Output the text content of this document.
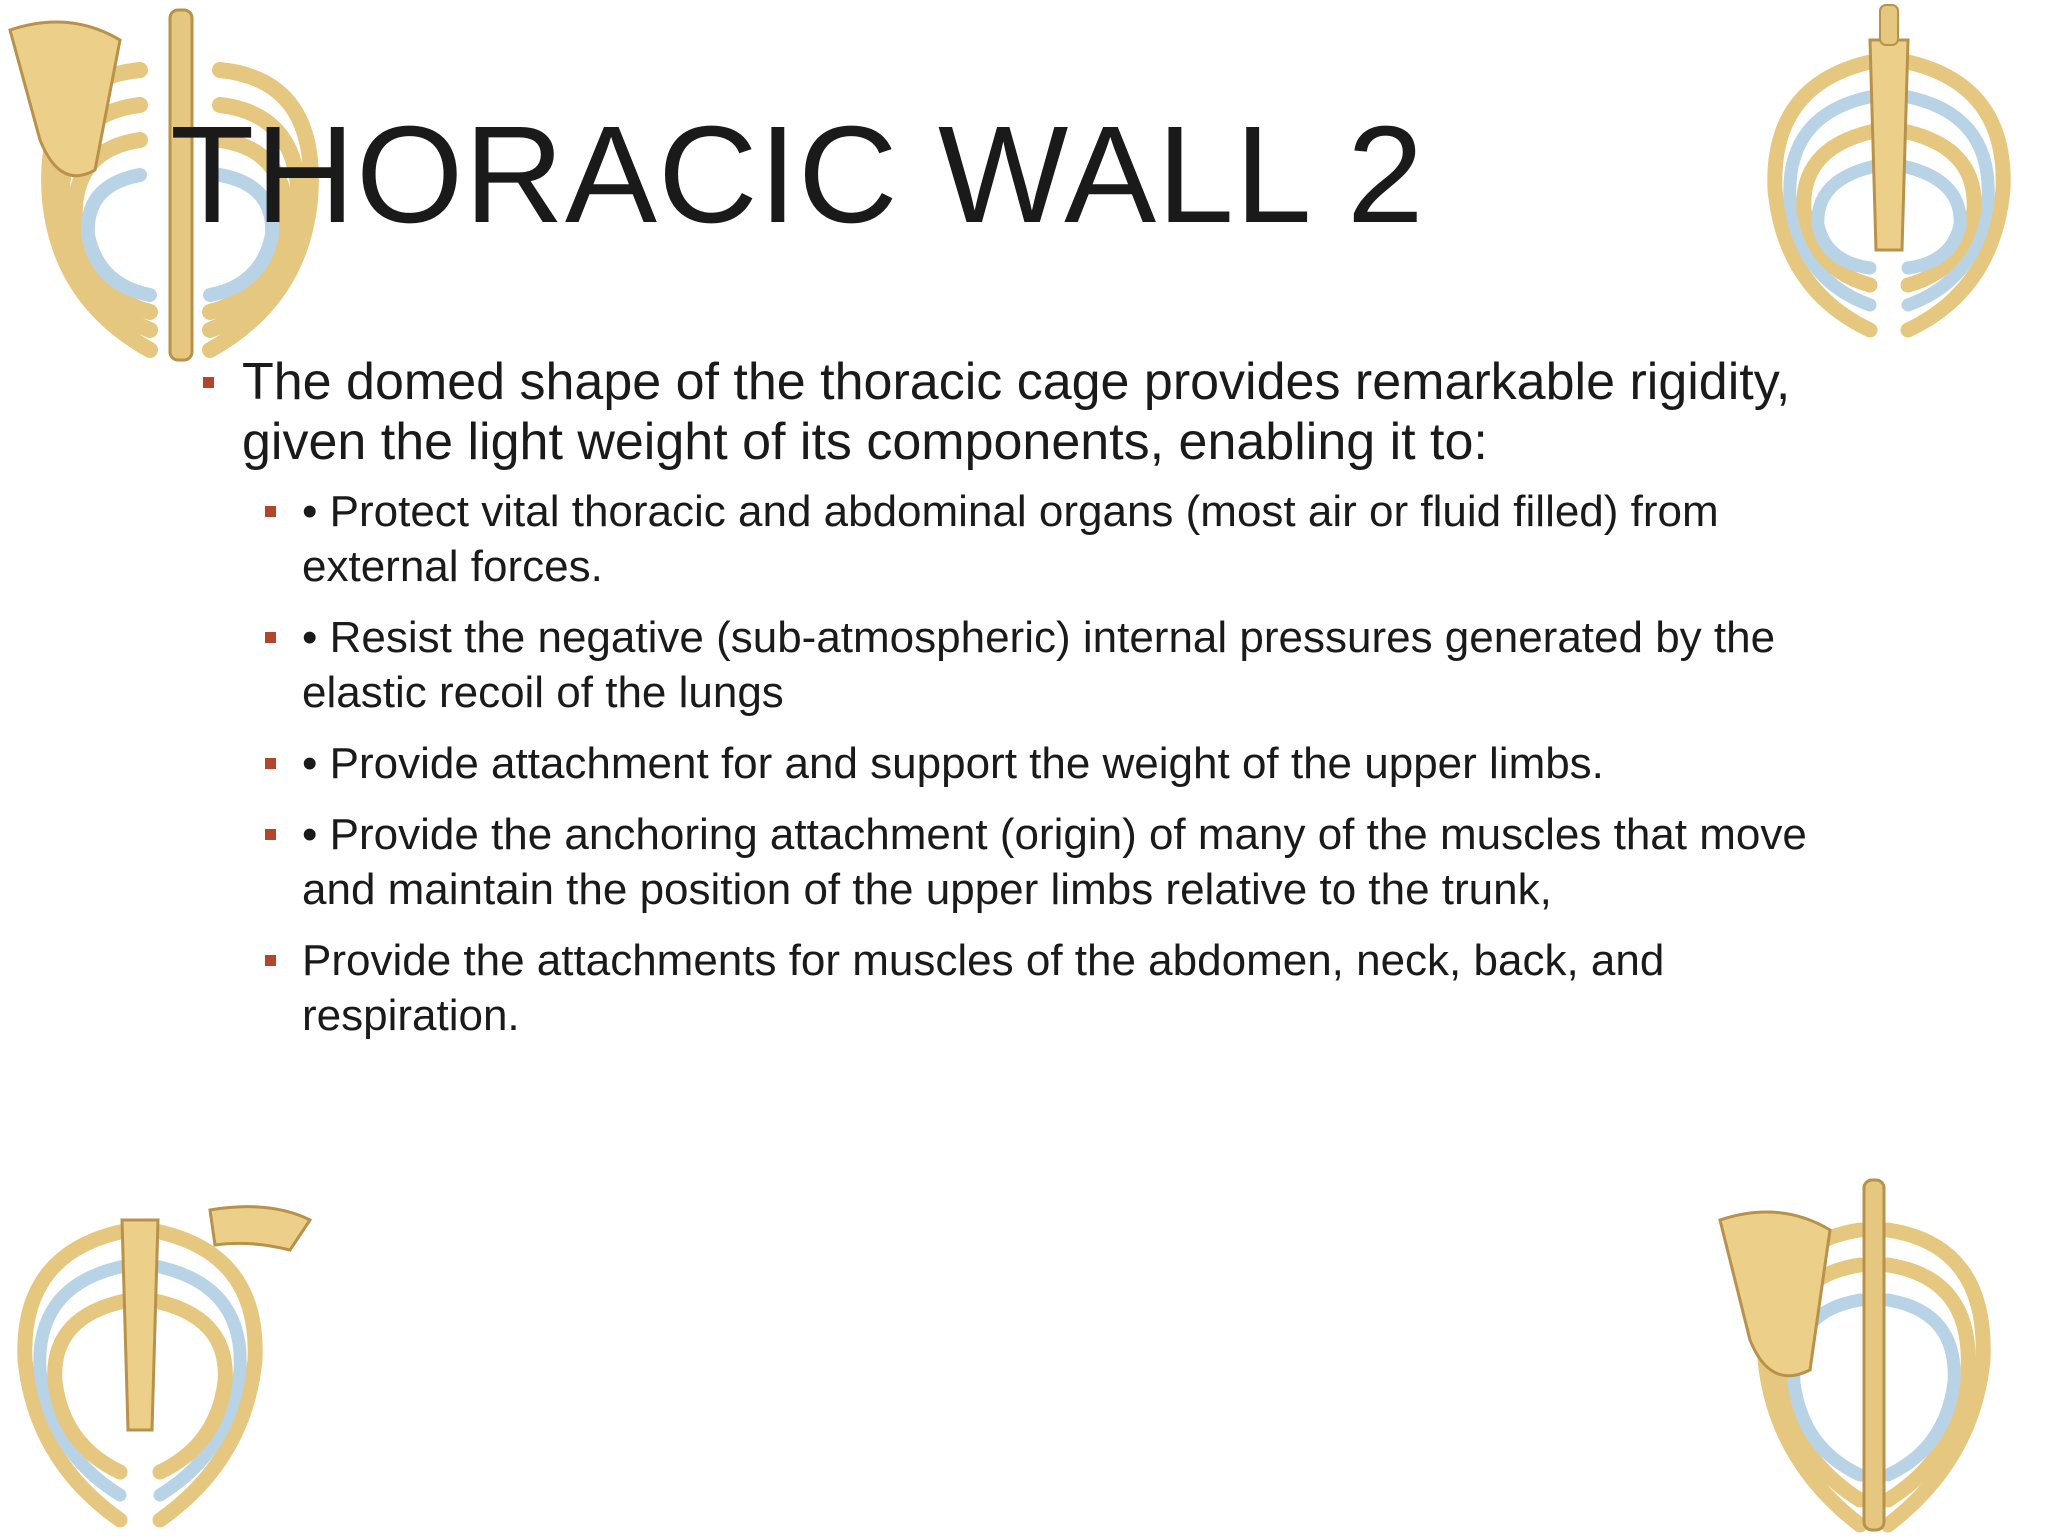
THORACIC WALL 2
The domed shape of the thoracic cage provides remarkable rigidity, given the light weight of its components, enabling it to:
• Protect vital thoracic and abdominal organs (most air or fluid filled) from external forces.
• Resist the negative (sub-atmospheric) internal pressures generated by the elastic recoil of the lungs
• Provide attachment for and support the weight of the upper limbs.
• Provide the anchoring attachment (origin) of many of the muscles that move and maintain the position of the upper limbs relative to the trunk,
Provide the attachments for muscles of the abdomen, neck, back, and respiration.
